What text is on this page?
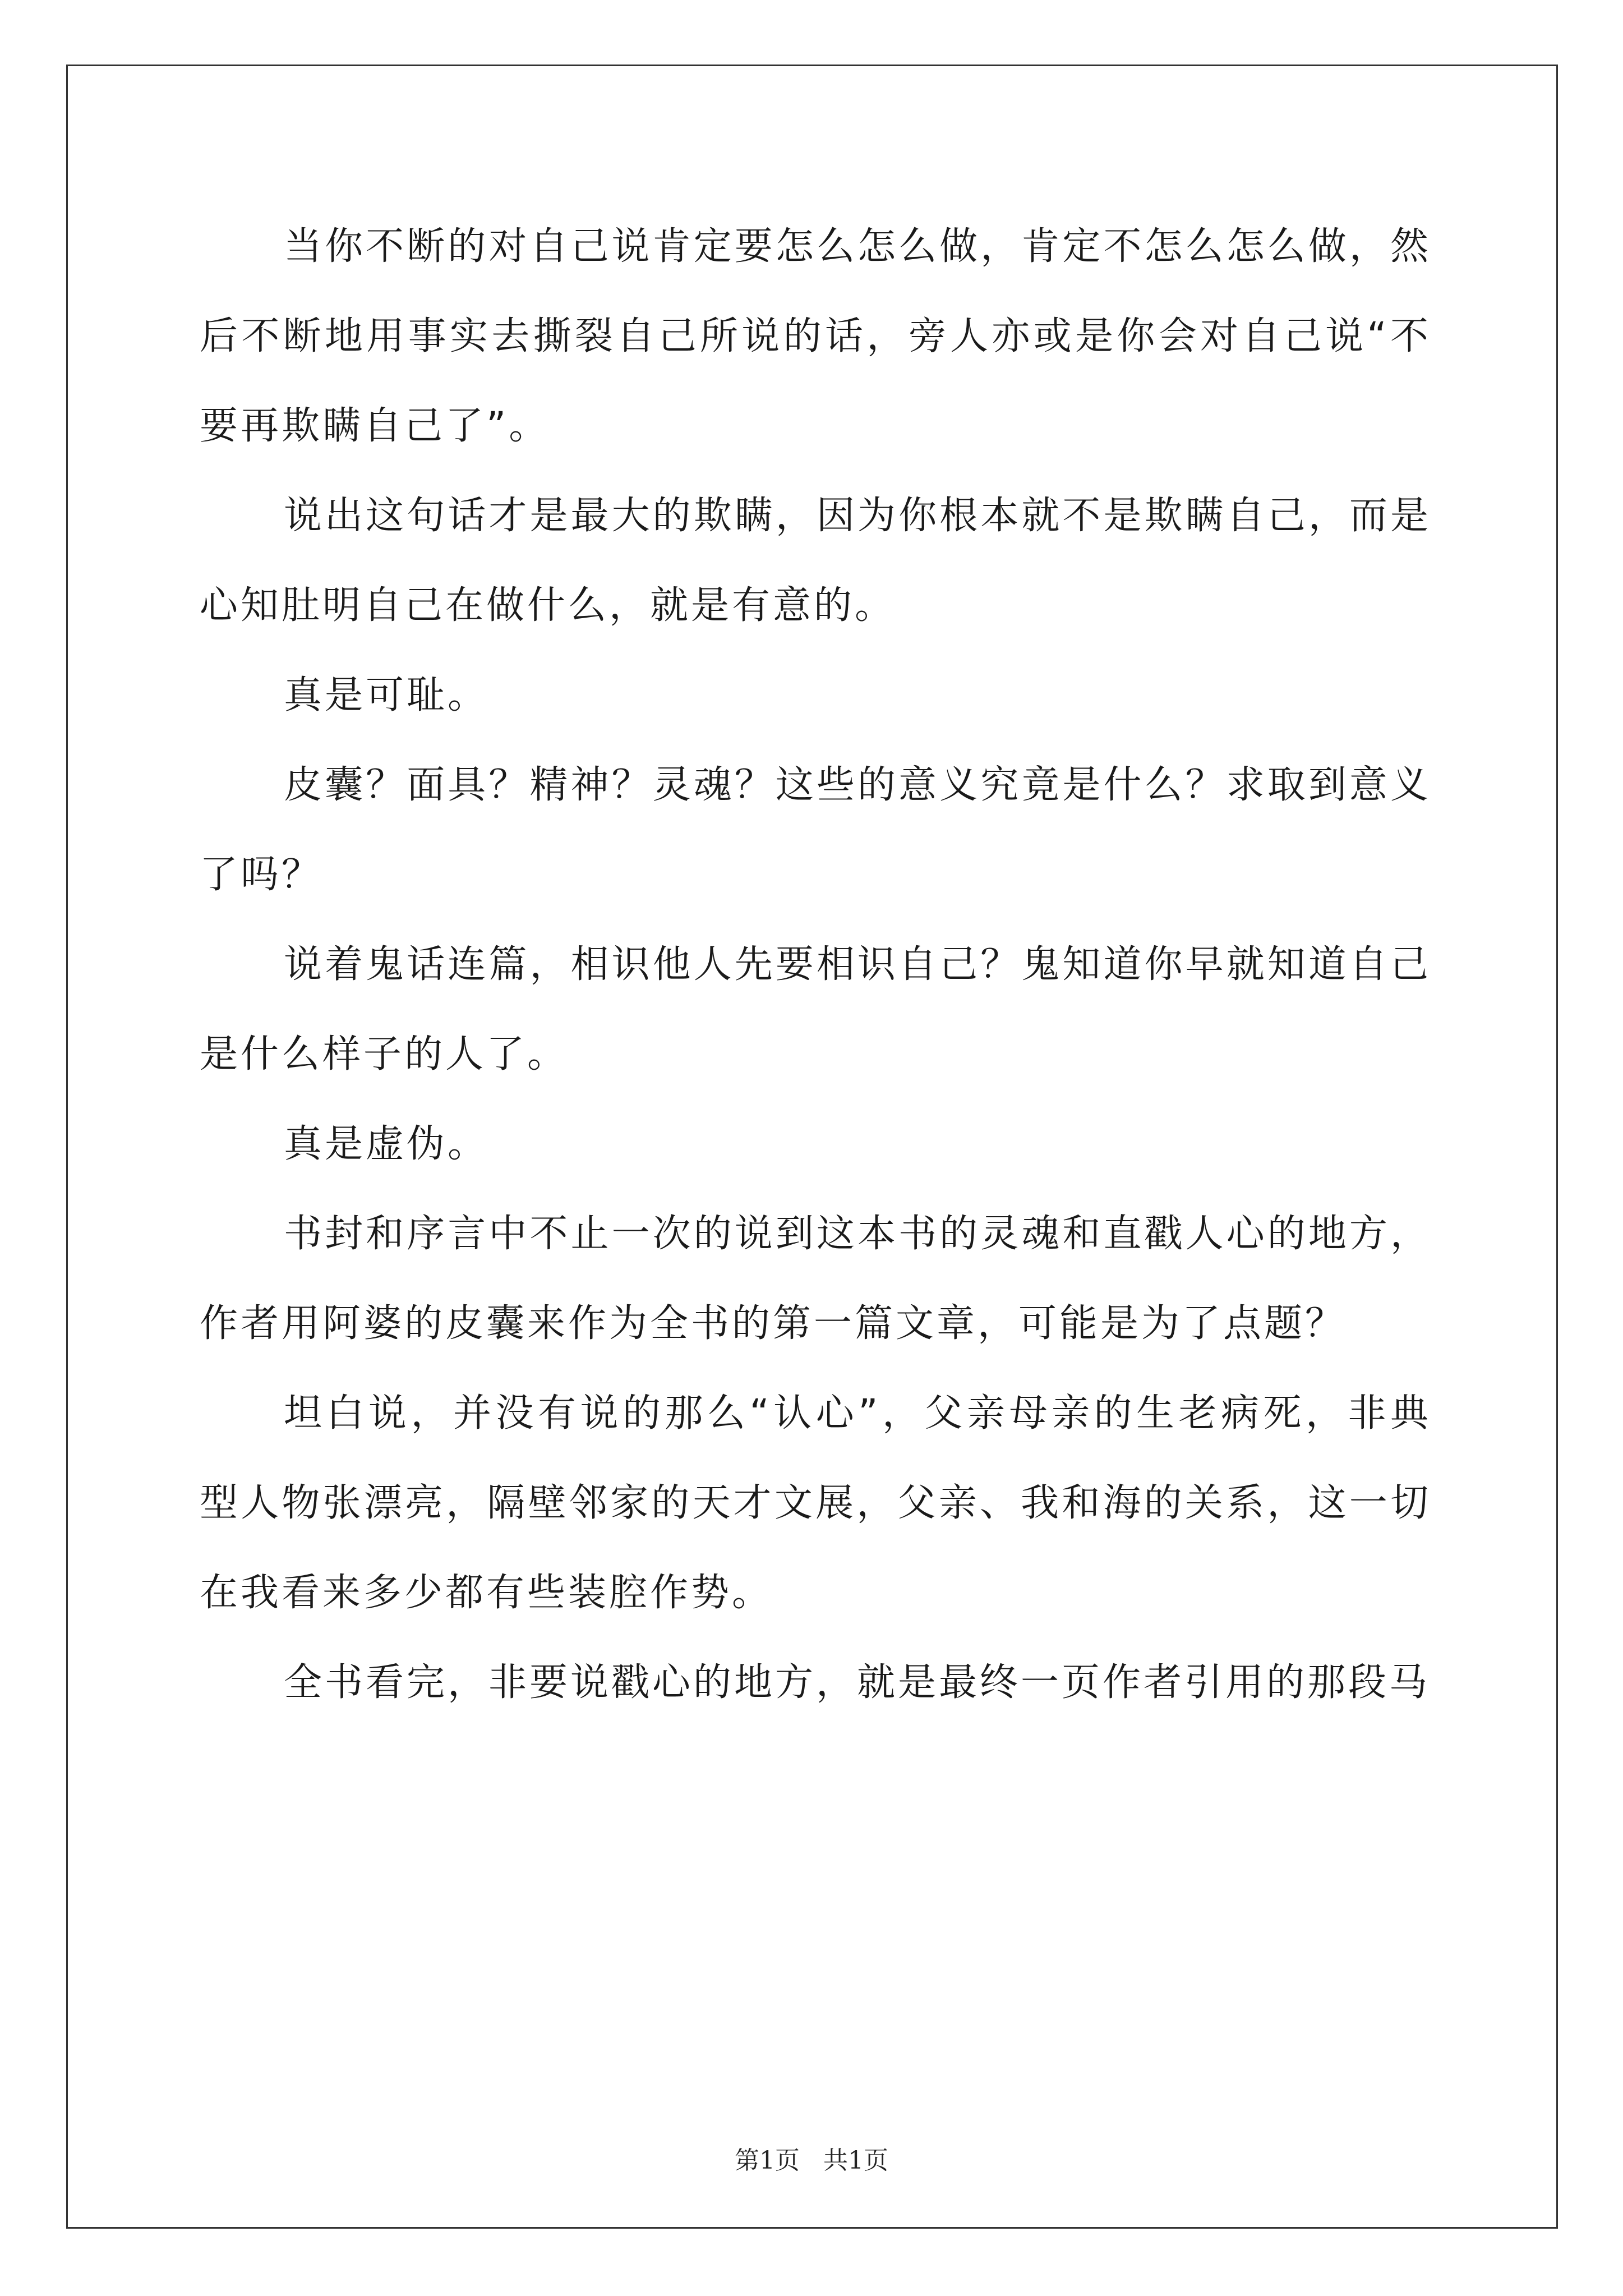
当你不断的对自己说肯定要怎么怎么做，肯定不怎么怎么做，然后不断地用事实去撕裂自己所说的话，旁人亦或是你会对自己说“不要再欺瞒自己了”。

说出这句话才是最大的欺瞒，因为你根本就不是欺瞒自己，而是心知肚明自己在做什么，就是有意的。

真是可耻。

皮囊？面具？精神？灵魂？这些的意义究竟是什么？求取到意义了吗？

说着鬼话连篇，相识他人先要相识自己？鬼知道你早就知道自己是什么样子的人了。

真是虚伪。

书封和序言中不止一次的说到这本书的灵魂和直戳人心的地方，作者用阿婆的皮囊来作为全书的第一篇文章，可能是为了点题？

坦白说，并没有说的那么“认心”，父亲母亲的生老病死，非典型人物张漂亮，隔壁邻家的天才文展，父亲、我和海的关系，这一切在我看来多少都有些装腔作势。

全书看完，非要说戳心的地方，就是最终一页作者引用的那段马

第1页 共1页
